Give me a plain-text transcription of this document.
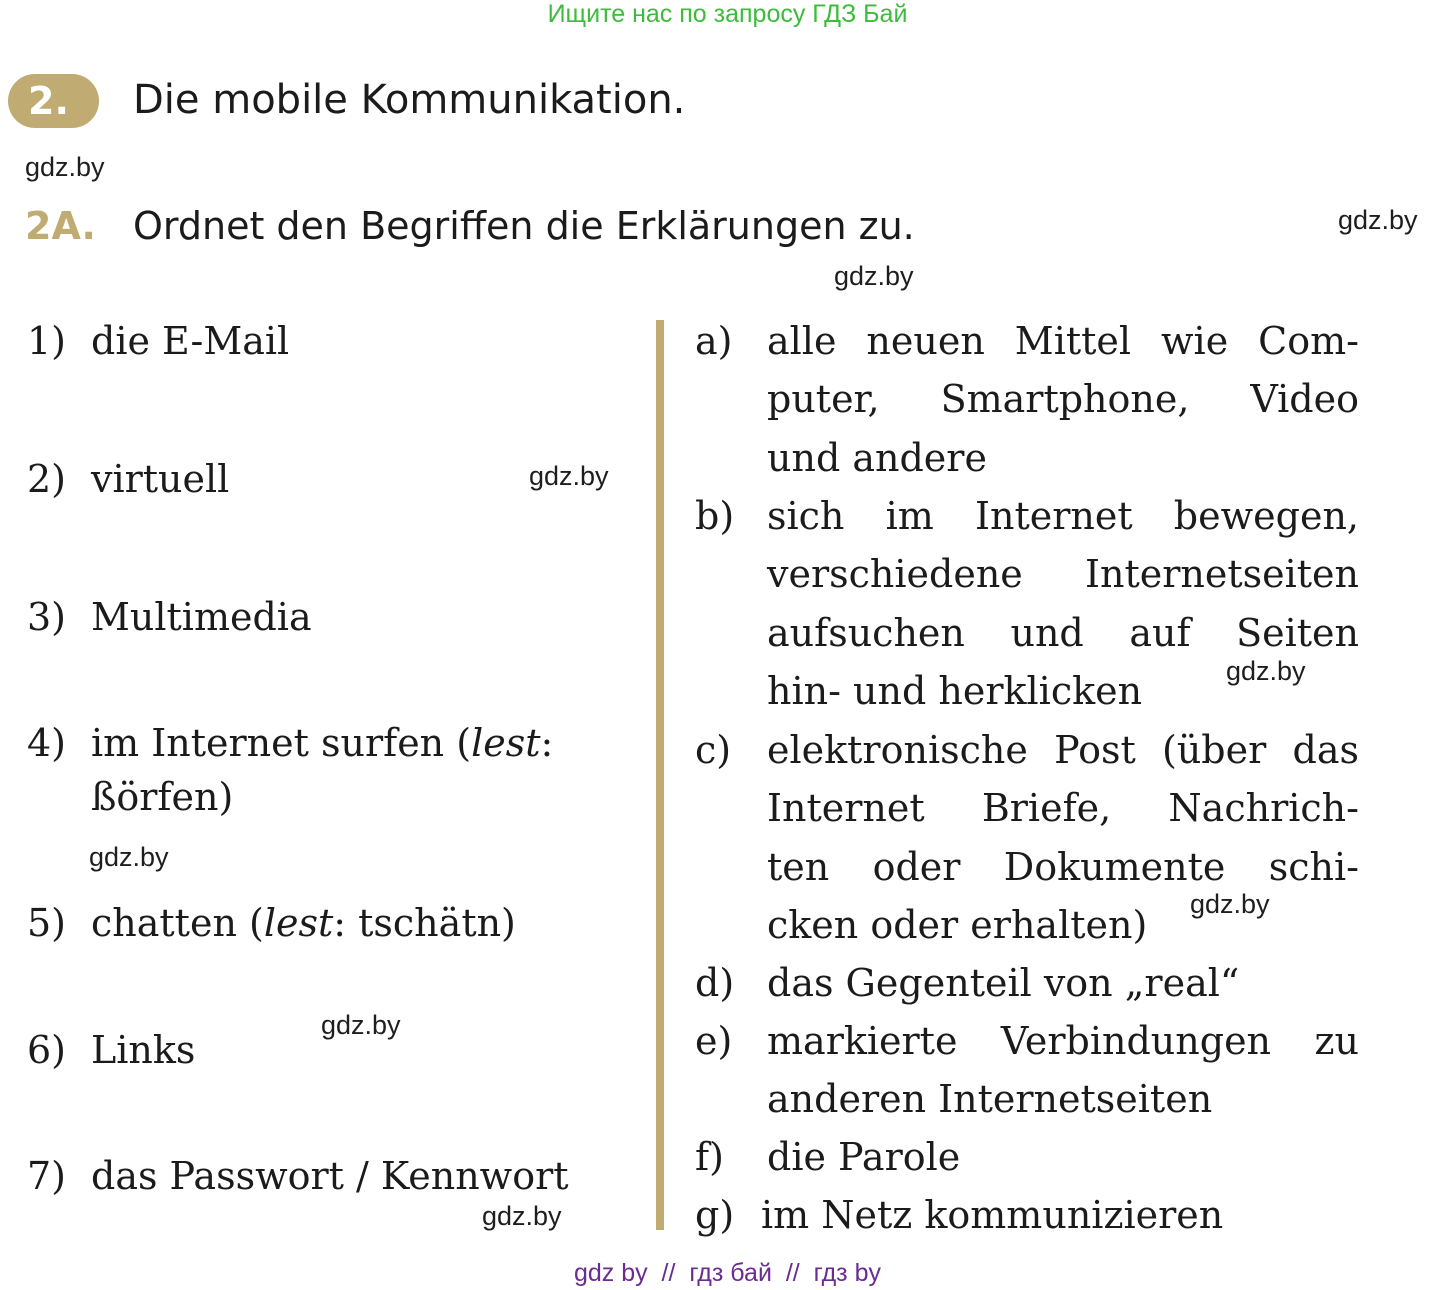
Ищите нас по запросу ГДЗ Бай
2. Die mobile Kommunikation.
gdz.by
2A. Ordnet den Begriffen die Erklärungen zu.	gdz.by
gdz.by
1) die E-Mail
2) virtuell
3) Multimedia
4) im Internet surfen (lest:
ßörfen)
5) chatten (lest: tschätn)
6) Links
7) das Passwort / Kennwort
gdz.by
gdz.by
gdz.by
gdz.by
a) alle neuen Mittel wie Com-
puter, Smartphone, Video
und andere
b) sich im Internet bewegen,
verschiedene Internetseiten
aufsuchen und auf Seiten
hin- und herklicken
c) elektronische Post (über das
Internet Briefe, Nachrich-
ten oder Dokumente schi-
cken oder erhalten)
d) das Gegenteil von „real“
e) markierte Verbindungen zu
anderen Internetseiten
f) die Parole
g) im Netz kommunizieren
gdz.by
gdz.by
gdz by  //  гдз бай  //  гдз by
